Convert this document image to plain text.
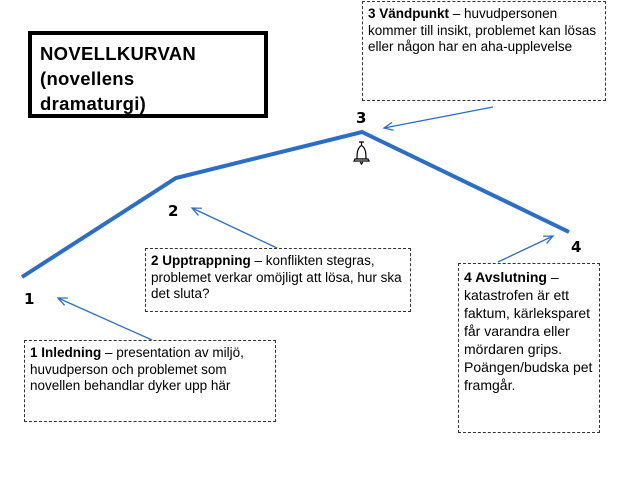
NOVELLKURVAN
(novellens
dramaturgi)
1
2
3
4
3 Vändpunkt – huvudpersonen kommer till insikt, problemet kan lösas eller någon har en aha-upplevelse
2 Upptrappning – konflikten stegras, problemet verkar omöjligt att lösa, hur ska det sluta?
1 Inledning – presentation av miljö, huvudperson och problemet som novellen behandlar dyker upp här
4 Avslutning – katastrofen är ett faktum, kärleksparet får varandra eller mördaren grips. Poängen/budska pet framgår.
